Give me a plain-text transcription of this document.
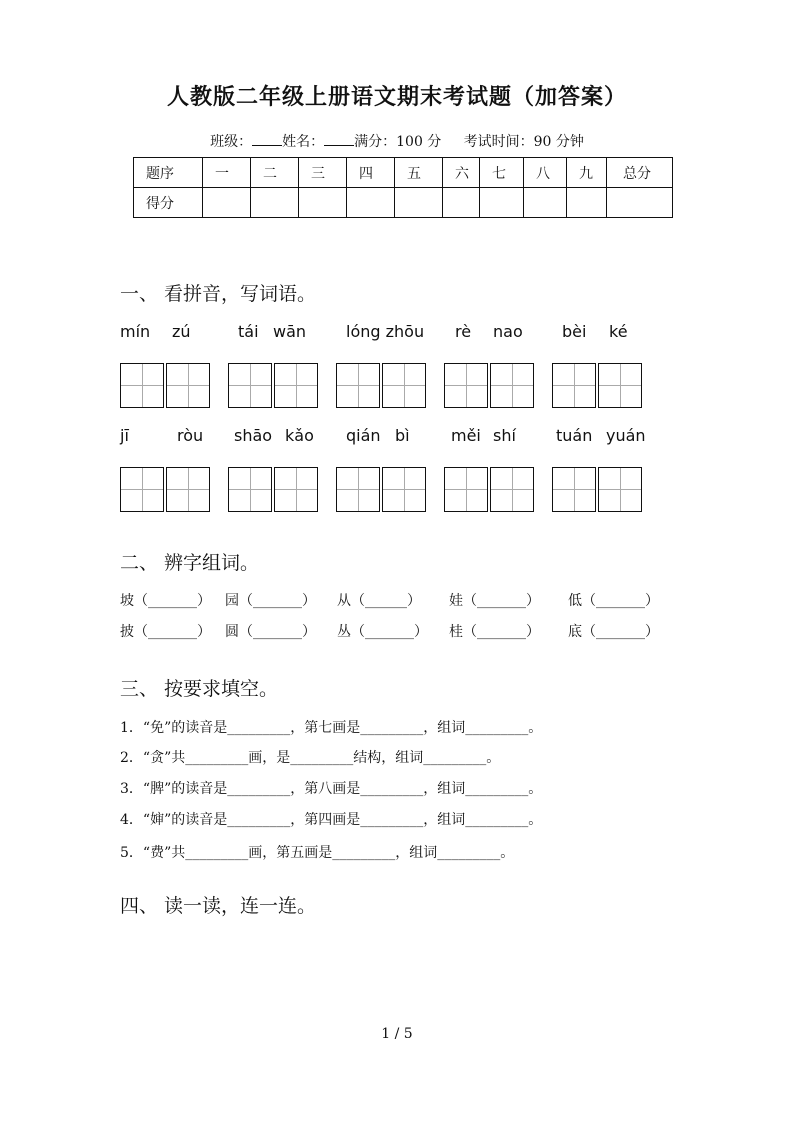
人教版二年级上册语文期末考试题（加答案）
班级： 姓名： 满分：100 分 考试时间：90 分钟
题序	一	二	三	四	五	六	七	八	九	总分
得分										
一、 看拼音，写词语。
mín zú	tái wān lóng zhōu rè nao bèi ké
jī	ròu shāo kǎo qián bì	měi shí	tuán yuán
二、 辨字组词。
坡（_______） 园（_______） 从（______） 娃（_______） 低（_______）
披（_______） 圆（_______） 丛（_______） 桂（_______） 底（_______）
三、 按要求填空。
1．“免”的读音是_________，第七画是_________，组词_________。
2．“贪”共_________画，是_________结构，组词_________。
3．“脾”的读音是_________，第八画是_________，组词_________。
4．“婶”的读音是_________，第四画是_________，组词_________。
5．“费”共_________画，第五画是_________，组词_________。
四、 读一读，连一连。
1 / 5
